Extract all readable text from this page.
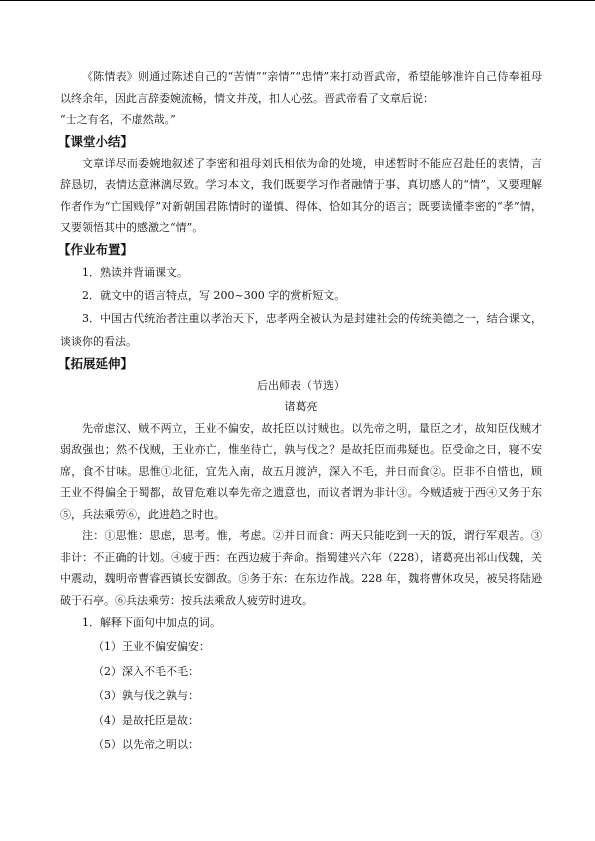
《陈情表》则通过陈述自己的“苦情”“亲情”“忠情”来打动晋武帝，希望能够准许自己侍奉祖母以终余年，因此言辞委婉流畅，情文并茂，扣人心弦。晋武帝看了文章后说：

“士之有名，不虚然哉。”

【课堂小结】

文章详尽而委婉地叙述了李密和祖母刘氏相依为命的处境，申述暂时不能应召赴任的衷情，言辞恳切，表情达意淋漓尽致。学习本文，我们既要学习作者融情于事、真切感人的“情”，又要理解作者作为“亡国贱俘”对新朝国君陈情时的谨慎、得体、恰如其分的语言；既要读懂李密的“孝”情，又要领悟其中的感激之“情”。

【作业布置】
1．熟读并背诵课文。
2．就文中的语言特点，写 200~300 字的赏析短文。
3．中国古代统治者注重以孝治天下，忠孝两全被认为是封建社会的传统美德之一，结合课文，谈谈你的看法。
【拓展延伸】
后出师表（节选）
诸葛亮

先帝虑汉、贼不两立，王业不偏安，故托臣以讨贼也。以先帝之明，量臣之才，故知臣伐贼才弱敌强也；然不伐贼，王业亦亡，惟坐待亡，孰与伐之？是故托臣而弗疑也。臣受命之日，寝不安席，食不甘味。思惟①北征，宜先入南，故五月渡泸，深入不毛，并日而食②。臣非不自惜也，顾王业不得偏全于蜀都，故冒危难以奉先帝之遗意也，而议者谓为非计③。今贼适疲于西④又务于东⑤，兵法乘劳⑥，此进趋之时也。

注：①思惟：思虑，思考。惟，考虑。②并日而食：两天只能吃到一天的饭，谓行军艰苦。③非计：不正确的计划。④疲于西：在西边疲于奔命。指蜀建兴六年（228），诸葛亮出祁山伐魏，关中震动，魏明帝曹睿西镇长安御敌。⑤务于东：在东边作战。228 年，魏将曹休攻吴，被吴将陆逊破于石亭。⑥兵法乘劳：按兵法乘敌人疲劳时进攻。

1．解释下面句中加点的词。
（1）王业不偏安偏安：
（2）深入不毛不毛：
（3）孰与伐之孰与：
（4）是故托臣是故：
（5）以先帝之明以：
